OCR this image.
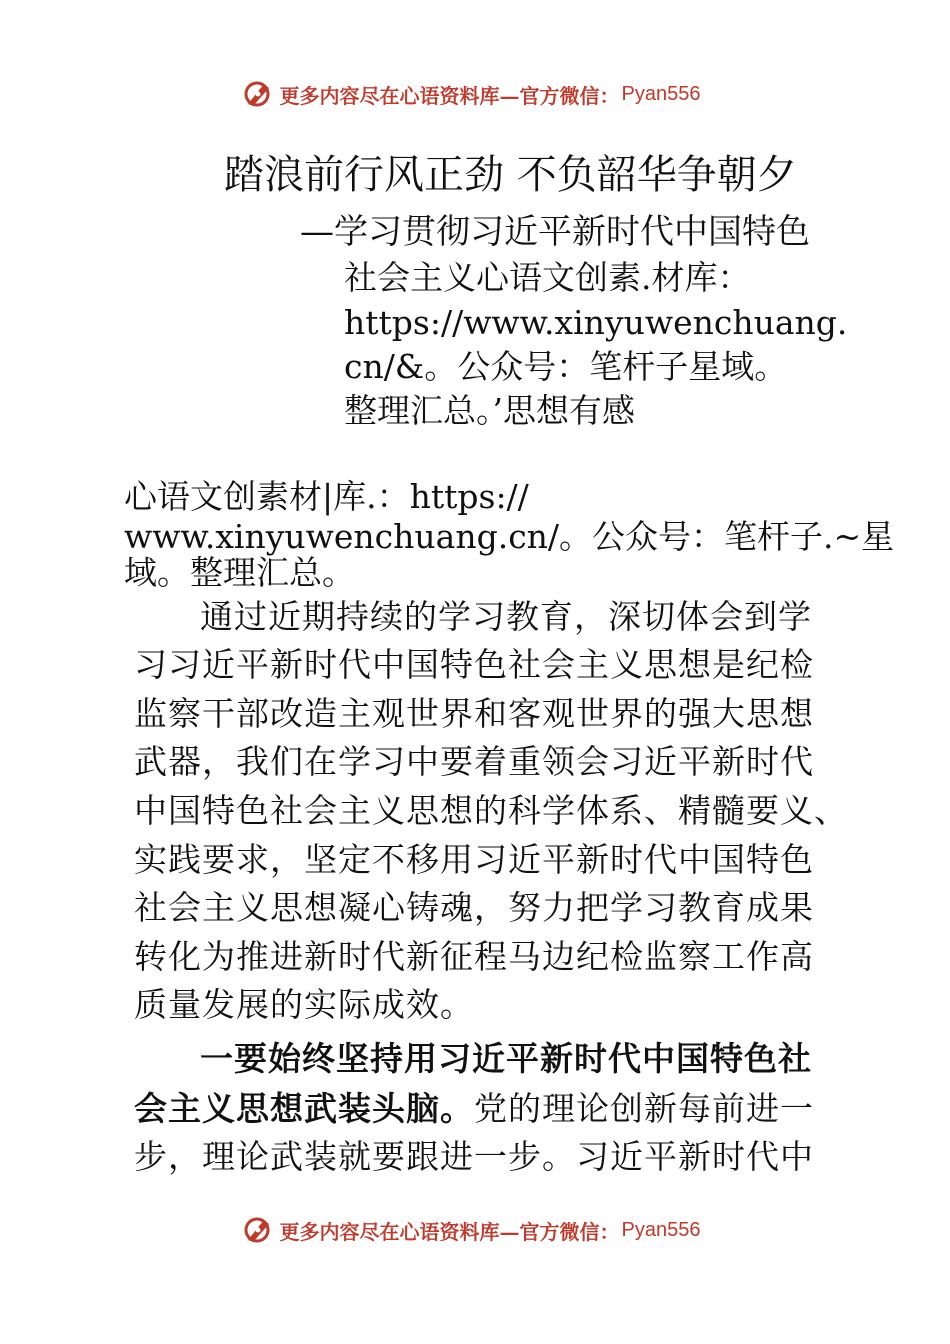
更多内容尽在心语资料库—官方微信： Pyan556
踏浪前行风正劲 不负韶华争朝夕
—学习贯彻习近平新时代中国特色
社会主义心语文创素.材库：
https://www.xinyuwenchuang.
cn/&。公众号：笔杆子星域。
整理汇总。’思想有感
心语文创素材|库.：https://
www.xinyuwenchuang.cn/。公众号：笔杆子.~星
域。整理汇总。
通过近期持续的学习教育，深切体会到学
习习近平新时代中国特色社会主义思想是纪检
监察干部改造主观世界和客观世界的强大思想
武器，我们在学习中要着重领会习近平新时代
中国特色社会主义思想的科学体系、精髓要义、
实践要求，坚定不移用习近平新时代中国特色
社会主义思想凝心铸魂，努力把学习教育成果
转化为推进新时代新征程马边纪检监察工作高
质量发展的实际成效。
一要始终坚持用习近平新时代中国特色社
会主义思想武装头脑。党的理论创新每前进一
步，理论武装就要跟进一步。习近平新时代中
更多内容尽在心语资料库—官方微信： Pyan556
